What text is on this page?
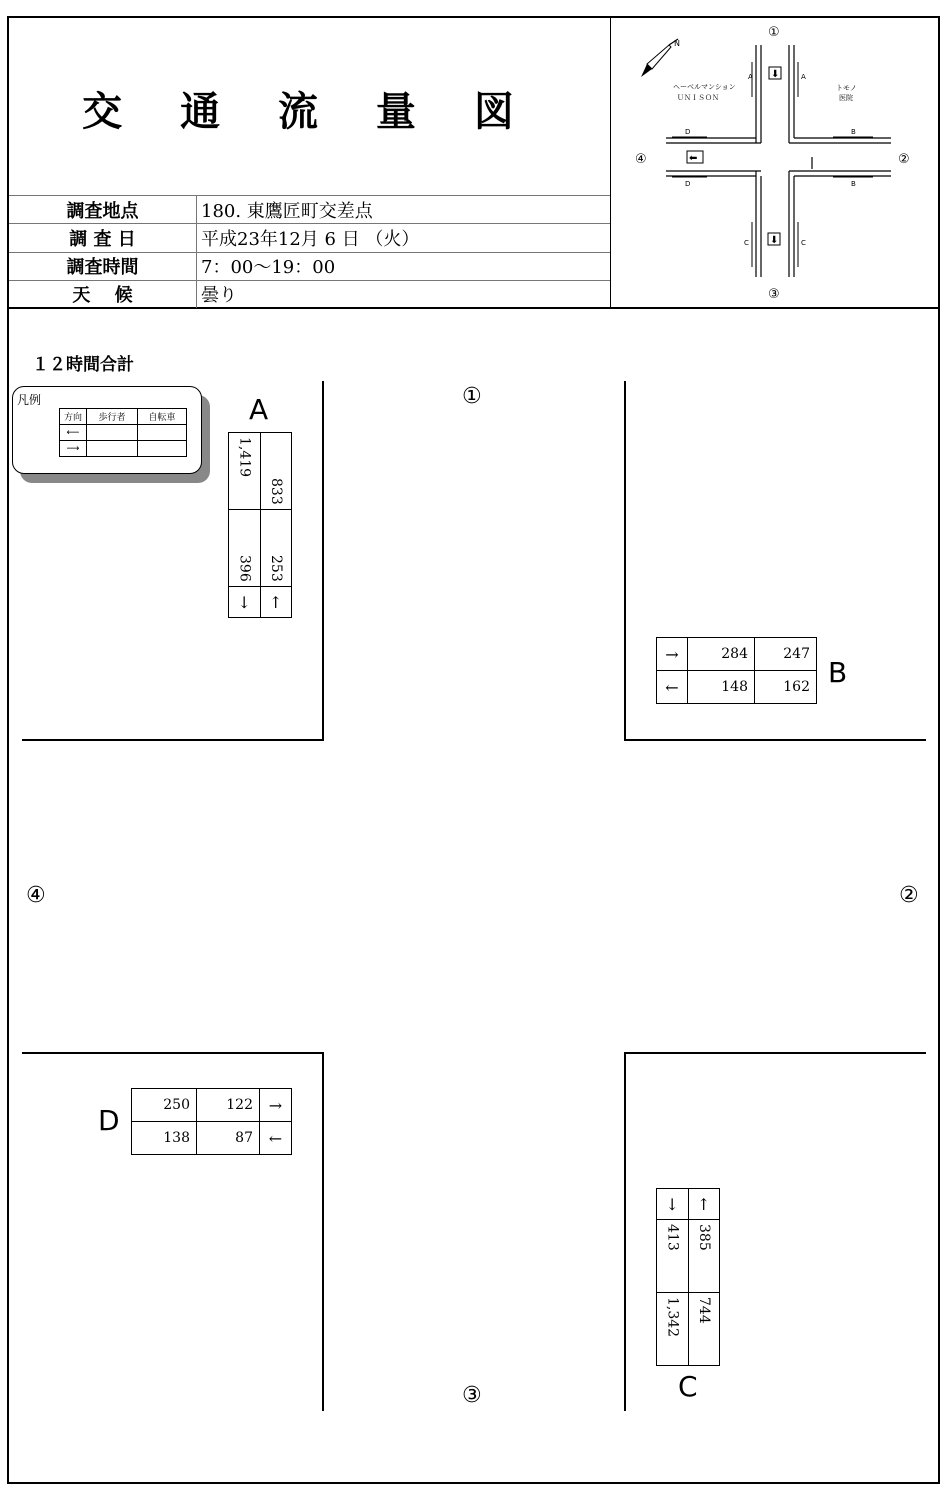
交 通 流 量 図
調査地点	180. 東鷹匠町交差点
調 査 日	平成23年12月 6 日 （火）
調査時間	7：00～19：00
天　 候	曇り
N
⬇
⬅
⬇
A	A
D
D
B
B
C	C
ヘーベルマンション
ＵＮＩＳＯＮ
トモノ
医院
①
②
③
④
１２時間合計
凡例
方向	歩行者	自転車
⟵		
⟶		
①
②
③
④
A
1,419	833
396	253
↓	↑
→	284	247
←	148	162 B
D	250	122	→
138	87	←
↓	↑
413	385
1,342	744
C
